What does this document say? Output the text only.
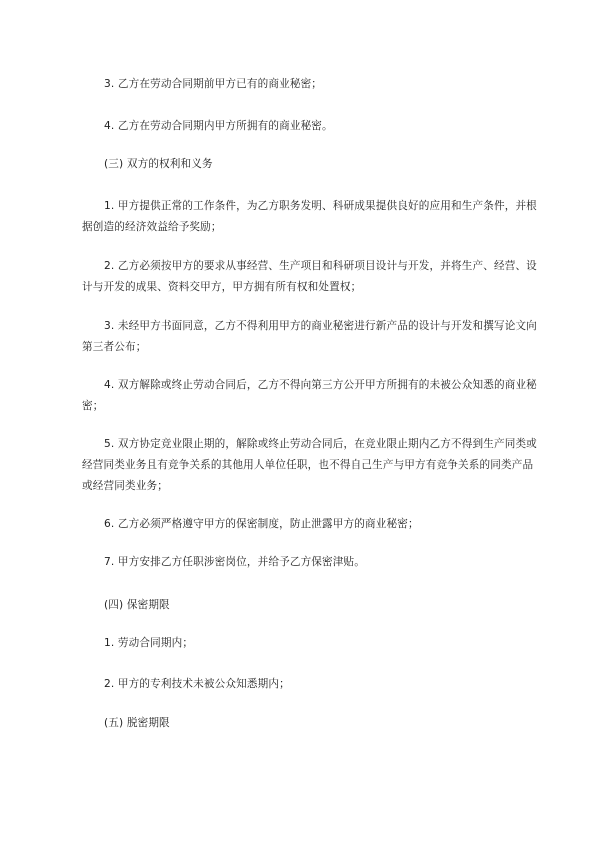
3. 乙方在劳动合同期前甲方已有的商业秘密；

4. 乙方在劳动合同期内甲方所拥有的商业秘密。

(三) 双方的权利和义务

1. 甲方提供正常的工作条件，为乙方职务发明、科研成果提供良好的应用和生产条件，并根据创造的经济效益给予奖励；

2. 乙方必须按甲方的要求从事经营、生产项目和科研项目设计与开发，并将生产、经营、设计与开发的成果、资料交甲方，甲方拥有所有权和处置权；

3. 未经甲方书面同意，乙方不得利用甲方的商业秘密进行新产品的设计与开发和撰写论文向第三者公布；

4. 双方解除或终止劳动合同后，乙方不得向第三方公开甲方所拥有的未被公众知悉的商业秘密；

5. 双方协定竞业限止期的，解除或终止劳动合同后，在竞业限止期内乙方不得到生产同类或经营同类业务且有竞争关系的其他用人单位任职，也不得自己生产与甲方有竞争关系的同类产品或经营同类业务；

6. 乙方必须严格遵守甲方的保密制度，防止泄露甲方的商业秘密；

7. 甲方安排乙方任职涉密岗位，并给予乙方保密津贴。

(四) 保密期限

1. 劳动合同期内；

2. 甲方的专利技术未被公众知悉期内；

(五) 脱密期限
